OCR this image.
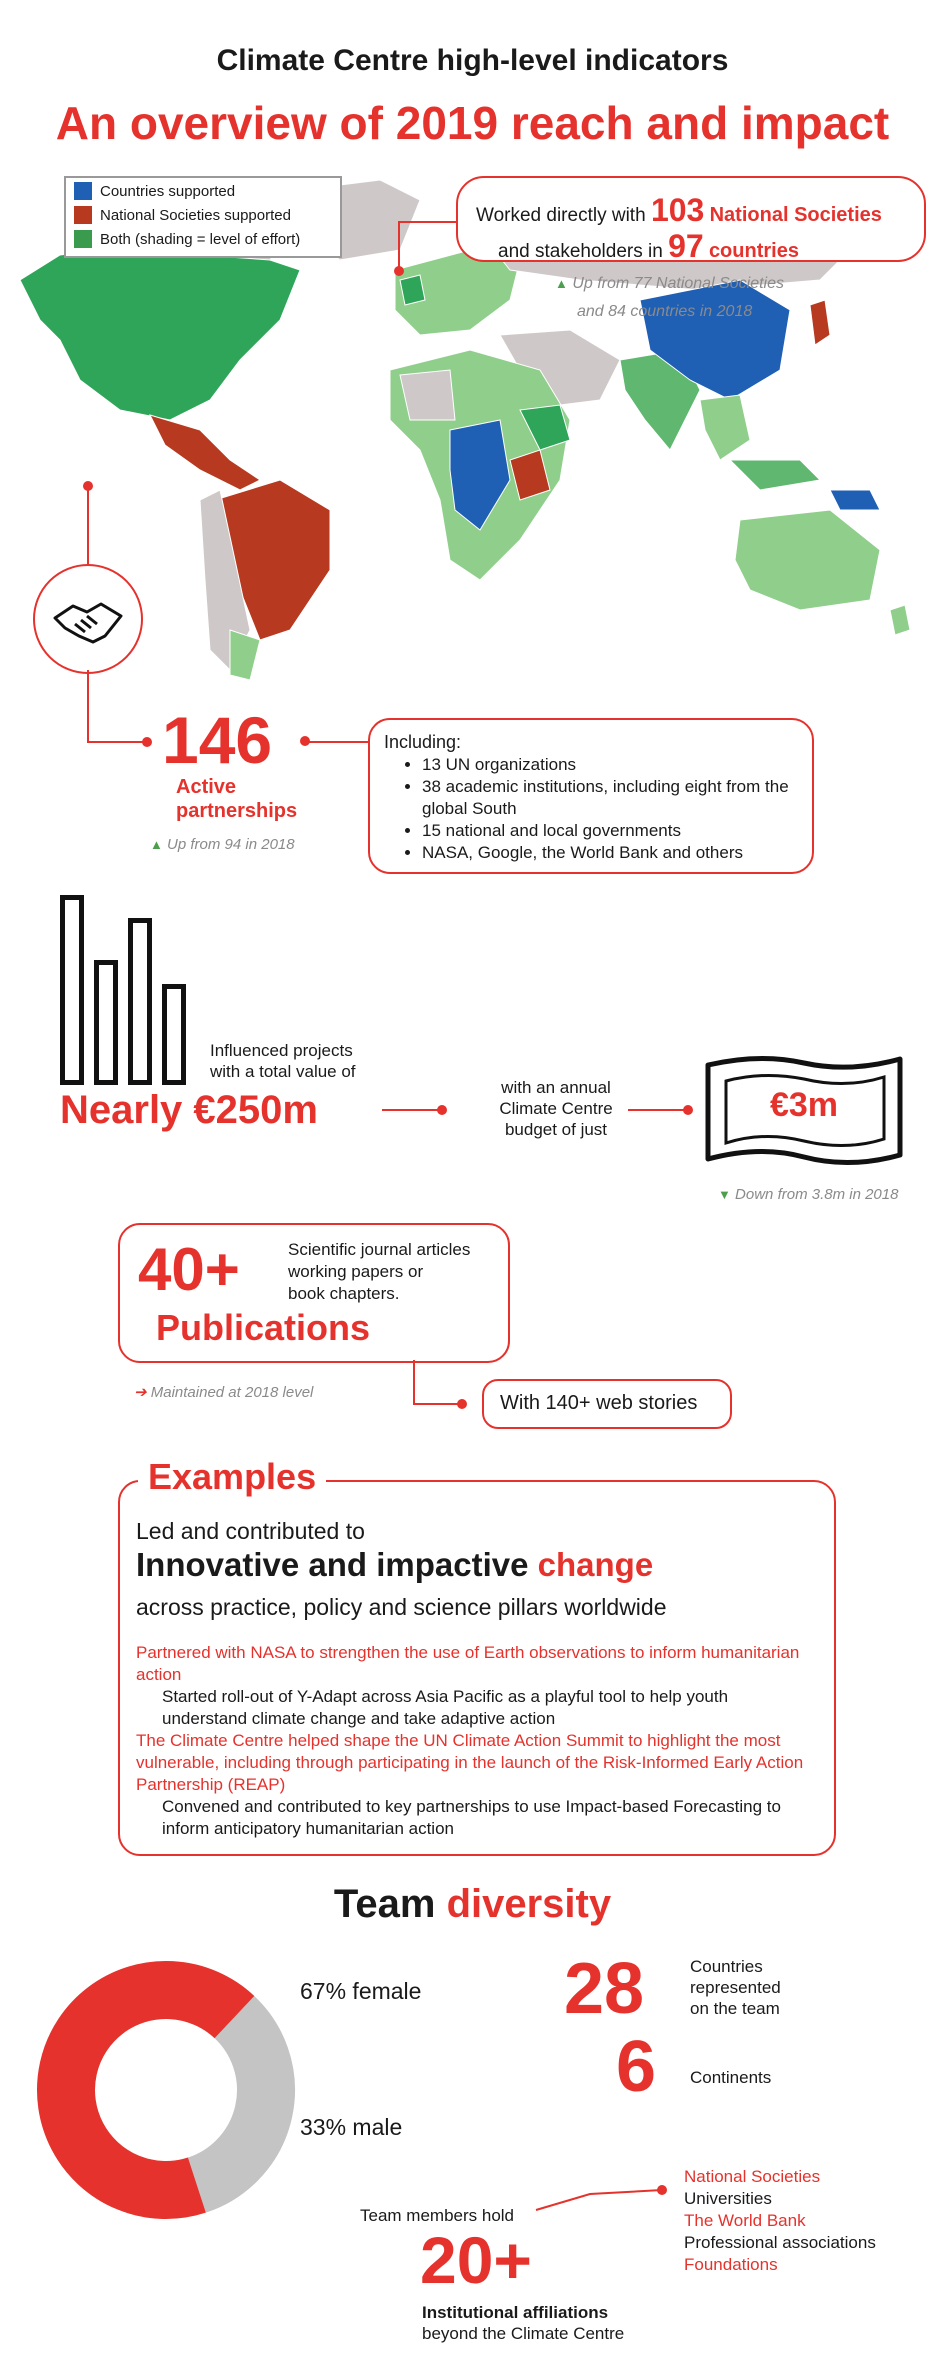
Climate Centre high-level indicators
An overview of 2019 reach and impact
Countries supported
National Societies supported
Both (shading = level of effort)
Worked directly with 103 National Societies
and stakeholders in 97 countries
▲ Up from 77 National Societies
and 84 countries in 2018
146
Active
partnerships
▲ Up from 94 in 2018
Including:
• 13 UN organizations
• 38 academic institutions, including eight from the global South
• 15 national and local governments
• NASA, Google, the World Bank and others
Influenced projects
with a total value of
Nearly €250m
with an annual
Climate Centre
budget of just
€3m
▼ Down from 3.8m in 2018
40+	Scientific journal articles
working papers or
book chapters.
Publications
➔ Maintained at 2018 level	With 140+ web stories
Examples
Led and contributed to
Innovative and impactive change
across practice, policy and science pillars worldwide

Partnered with NASA to strengthen the use of Earth observations to inform humanitarian action

Started roll-out of Y-Adapt across Asia Pacific as a playful tool to help youth understand climate change and take adaptive action

The Climate Centre helped shape the UN Climate Action Summit to highlight the most vulnerable, including through participating in the launch of the Risk-Informed Early Action Partnership (REAP)

Convened and contributed to key partnerships to use Impact-based Forecasting to inform anticipatory humanitarian action

Team diversity
67% female
33% male
28	Countries
represented
on the team
6 Continents
Team members hold
20+
Institutional affiliations
beyond the Climate Centre
National Societies
Universities
The World Bank
Professional associations
Foundations
